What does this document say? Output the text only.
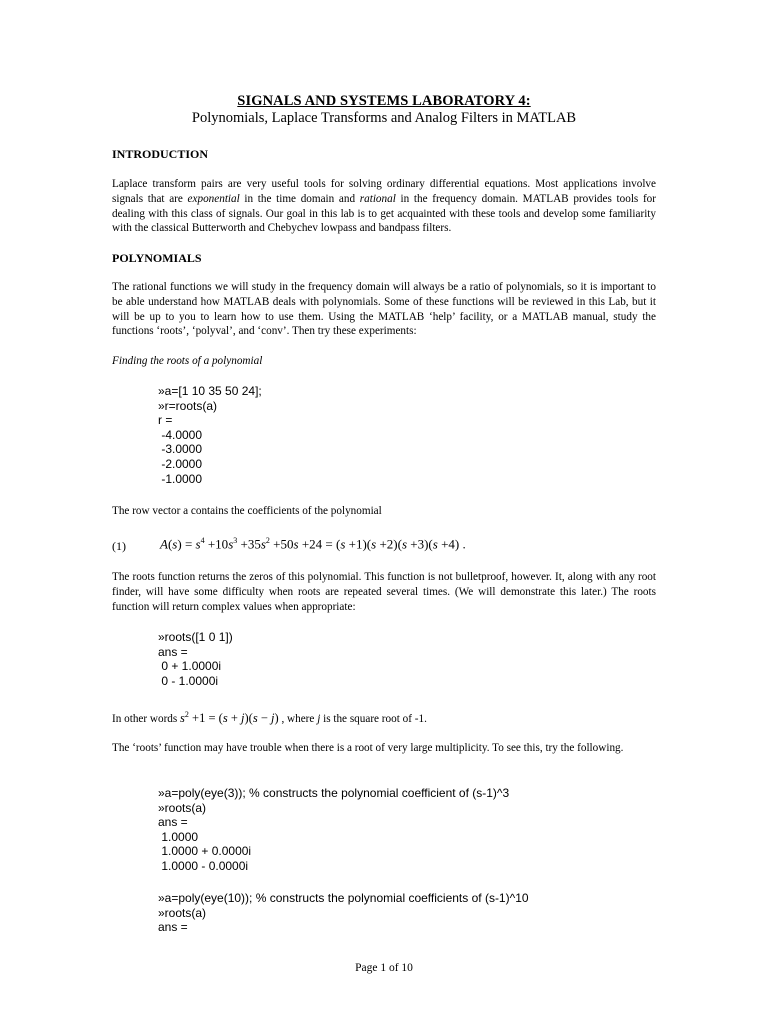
SIGNALS AND SYSTEMS LABORATORY 4:
Polynomials, Laplace Transforms and Analog Filters in MATLAB
INTRODUCTION
Laplace transform pairs are very useful tools for solving ordinary differential equations. Most applications involve signals that are exponential in the time domain and rational in the frequency domain. MATLAB provides tools for dealing with this class of signals. Our goal in this lab is to get acquainted with these tools and develop some familiarity with the classical Butterworth and Chebychev lowpass and bandpass filters.
POLYNOMIALS
The rational functions we will study in the frequency domain will always be a ratio of polynomials, so it is important to be able understand how MATLAB deals with polynomials. Some of these functions will be reviewed in this Lab, but it will be up to you to learn how to use them. Using the MATLAB ‘help’ facility, or a MATLAB manual, study the functions ‘roots’, ‘polyval’, and ‘conv’. Then try these experiments:
Finding the roots of a polynomial
»a=[1 10 35 50 24];
»r=roots(a)
r =
-4.0000
-3.0000
-2.0000
-1.0000
The row vector a contains the coefficients of the polynomial
(1)	$A(s) = s^4 +10s^3 +35s^2 +50s +24 = (s +1)(s +2)(s +3)(s +4)$ .
The roots function returns the zeros of this polynomial. This function is not bulletproof, however. It, along with any root finder, will have some difficulty when roots are repeated several times. (We will demonstrate this later.) The roots function will return complex values when appropriate:
»roots([1 0 1])
ans =
0 + 1.0000i
0 - 1.0000i
In other words $s^2 +1 = (s + j)(s - j)$ , where j is the square root of -1.
The ‘roots’ function may have trouble when there is a root of very large multiplicity. To see this, try the following.
»a=poly(eye(3)); % constructs the polynomial coefficient of (s-1)^3
»roots(a)
ans =
1.0000
1.0000 + 0.0000i
1.0000 - 0.0000i
»a=poly(eye(10)); % constructs the polynomial coefficients of (s-1)^10
»roots(a)
ans =
Page 1 of 10
